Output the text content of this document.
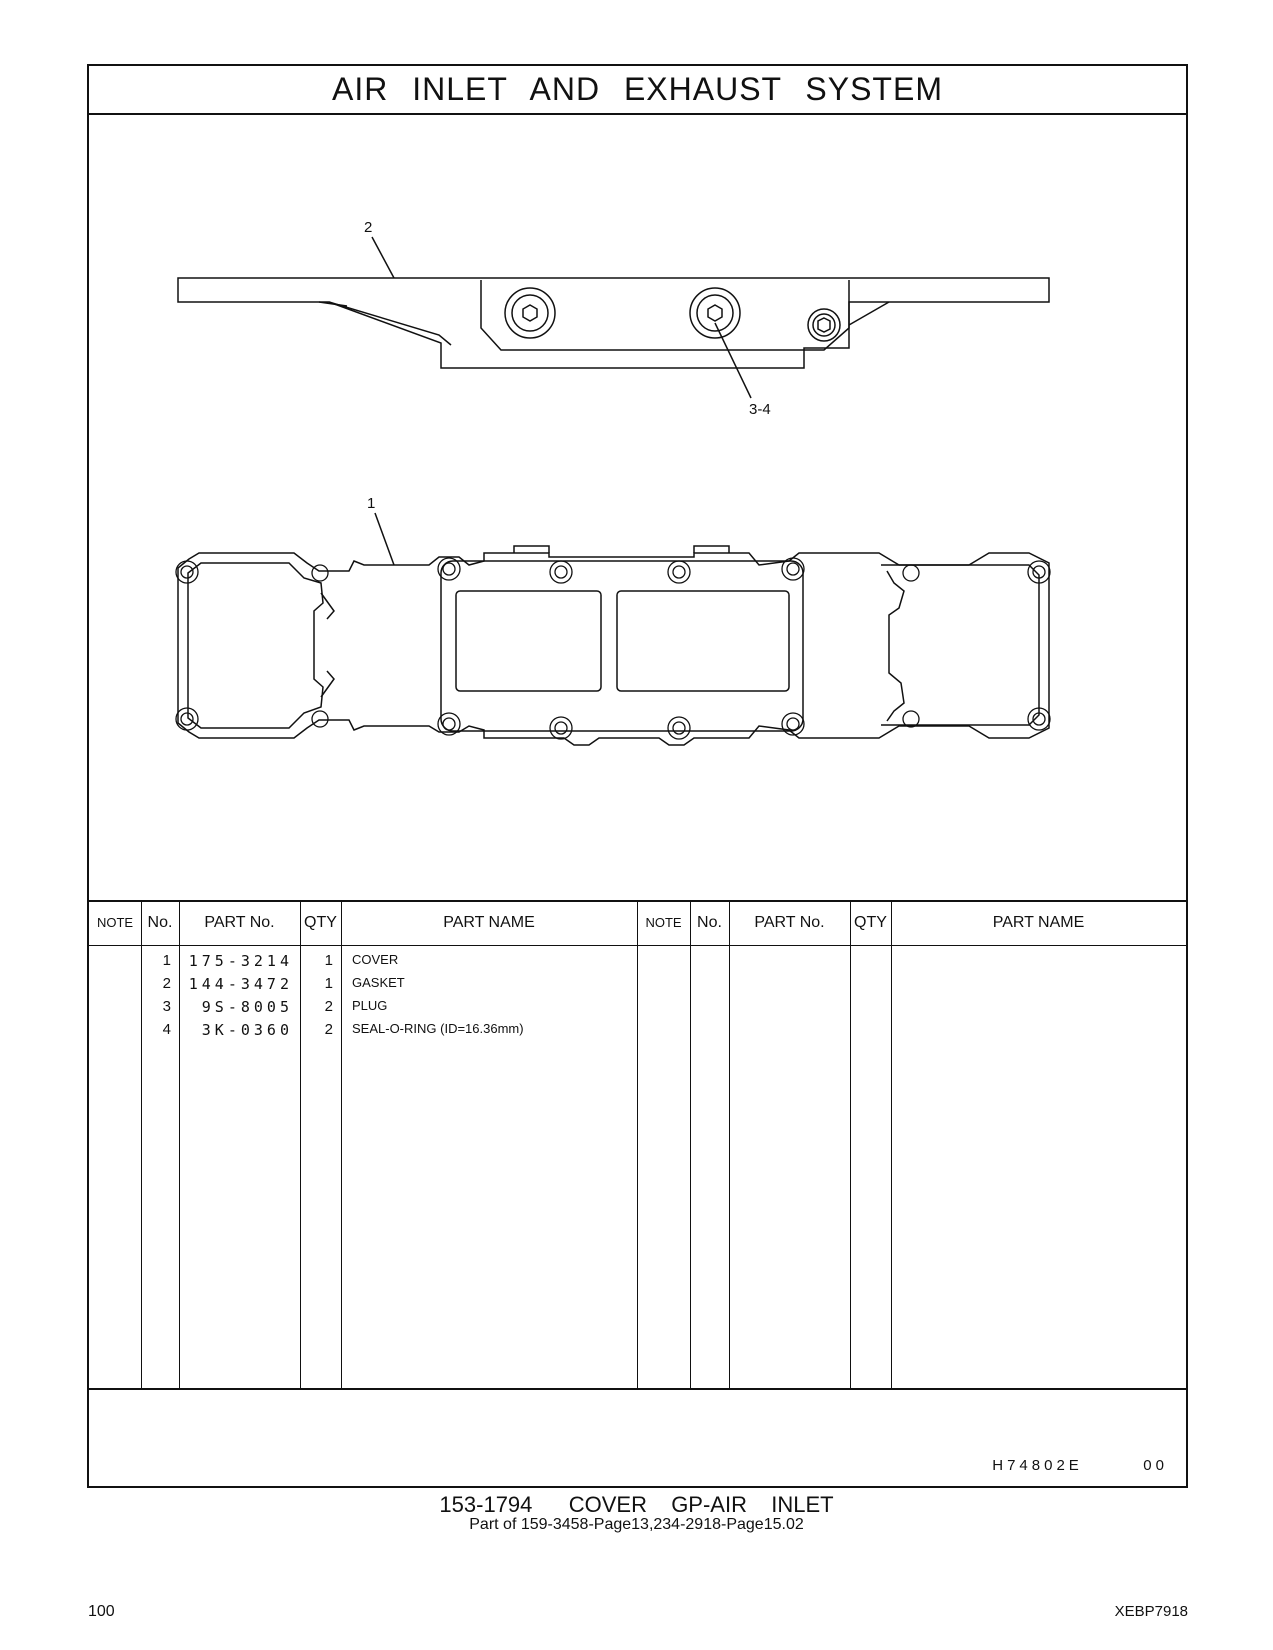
AIR INLET AND EXHAUST SYSTEM
2
3-4
1
NOTE No.	PART No.	QTY	PART NAME	NOTE No.	PART No.	QTY	PART NAME
1	175-3214	1 COVER
2	144-3472	1 GASKET
3	9S-8005	2 PLUG
4	3K-0360	2 SEAL-O-RING (ID=16.36mm)
H74802E   00
153-1794   COVER  GP-AIR  INLET
Part of 159-3458-Page13,234-2918-Page15.02
100	XEBP7918
